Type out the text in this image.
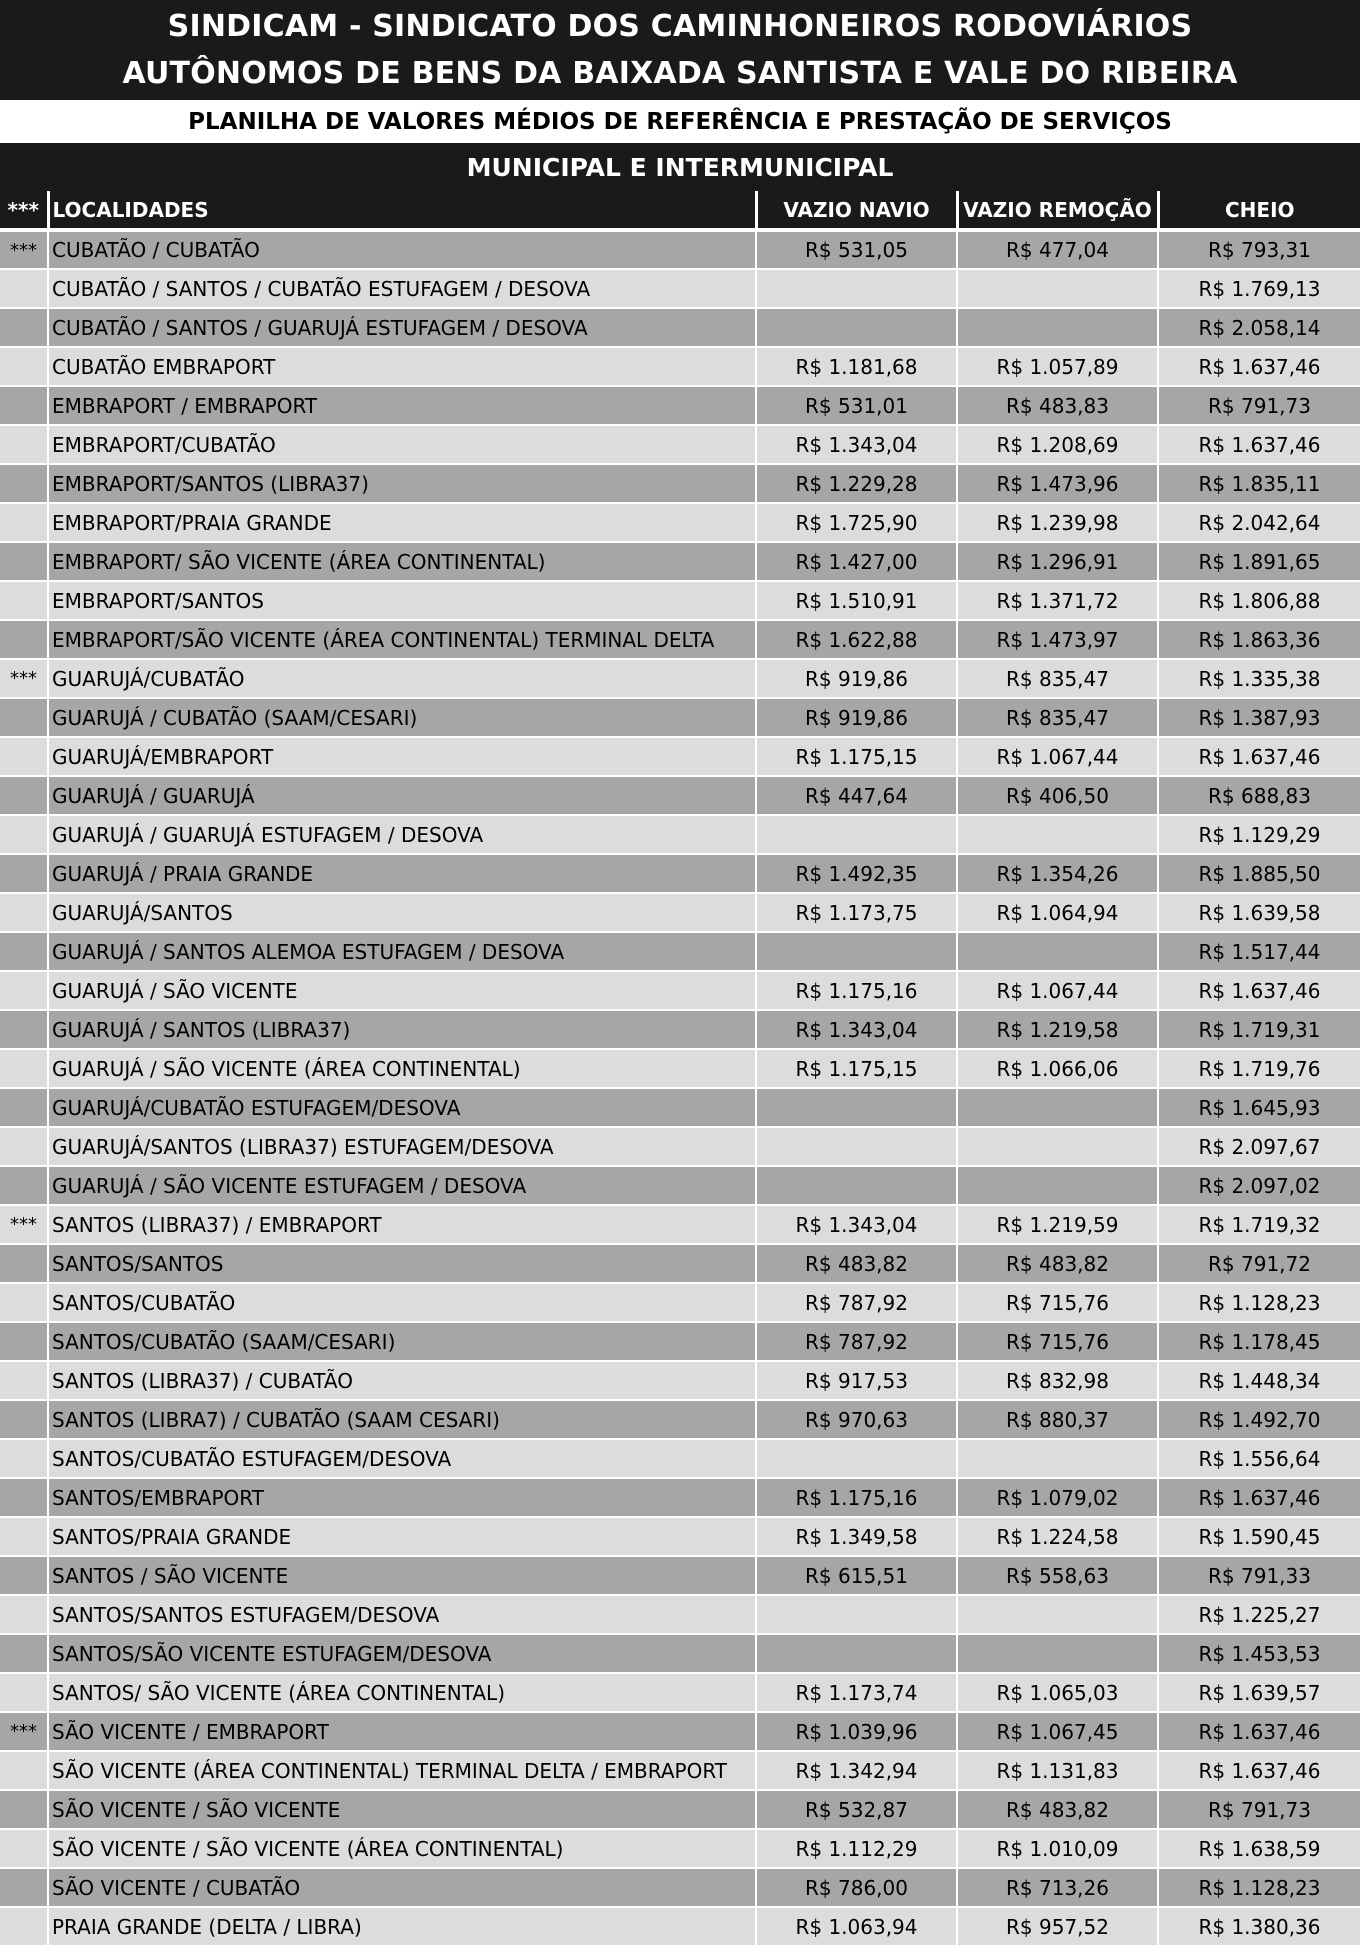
SINDICAM - SINDICATO DOS CAMINHONEIROS RODOVIÁRIOS
AUTÔNOMOS DE BENS DA BAIXADA SANTISTA E VALE DO RIBEIRA
PLANILHA DE VALORES MÉDIOS DE REFERÊNCIA E PRESTAÇÃO DE SERVIÇOS
MUNICIPAL E INTERMUNICIPAL
***	LOCALIDADES	VAZIO NAVIO	VAZIO REMOÇÃO	CHEIO
***	CUBATÃO / CUBATÃO	R$ 531,05	R$ 477,04	R$ 793,31
	CUBATÃO / SANTOS / CUBATÃO ESTUFAGEM / DESOVA			R$ 1.769,13
	CUBATÃO / SANTOS / GUARUJÁ ESTUFAGEM / DESOVA			R$ 2.058,14
	CUBATÃO EMBRAPORT	R$ 1.181,68	R$ 1.057,89	R$ 1.637,46
	EMBRAPORT / EMBRAPORT	R$ 531,01	R$ 483,83	R$ 791,73
	EMBRAPORT/CUBATÃO	R$ 1.343,04	R$ 1.208,69	R$ 1.637,46
	EMBRAPORT/SANTOS (LIBRA37)	R$ 1.229,28	R$ 1.473,96	R$ 1.835,11
	EMBRAPORT/PRAIA GRANDE	R$ 1.725,90	R$ 1.239,98	R$ 2.042,64
	EMBRAPORT/ SÃO VICENTE (ÁREA CONTINENTAL)	R$ 1.427,00	R$ 1.296,91	R$ 1.891,65
	EMBRAPORT/SANTOS	R$ 1.510,91	R$ 1.371,72	R$ 1.806,88
	EMBRAPORT/SÃO VICENTE (ÁREA CONTINENTAL) TERMINAL DELTA	R$ 1.622,88	R$ 1.473,97	R$ 1.863,36
***	GUARUJÁ/CUBATÃO	R$ 919,86	R$ 835,47	R$ 1.335,38
	GUARUJÁ / CUBATÃO (SAAM/CESARI)	R$ 919,86	R$ 835,47	R$ 1.387,93
	GUARUJÁ/EMBRAPORT	R$ 1.175,15	R$ 1.067,44	R$ 1.637,46
	GUARUJÁ / GUARUJÁ	R$ 447,64	R$ 406,50	R$ 688,83
	GUARUJÁ / GUARUJÁ ESTUFAGEM / DESOVA			R$ 1.129,29
	GUARUJÁ / PRAIA GRANDE	R$ 1.492,35	R$ 1.354,26	R$ 1.885,50
	GUARUJÁ/SANTOS	R$ 1.173,75	R$ 1.064,94	R$ 1.639,58
	GUARUJÁ / SANTOS ALEMOA ESTUFAGEM / DESOVA			R$ 1.517,44
	GUARUJÁ / SÃO VICENTE	R$ 1.175,16	R$ 1.067,44	R$ 1.637,46
	GUARUJÁ / SANTOS (LIBRA37)	R$ 1.343,04	R$ 1.219,58	R$ 1.719,31
	GUARUJÁ / SÃO VICENTE (ÁREA CONTINENTAL)	R$ 1.175,15	R$ 1.066,06	R$ 1.719,76
	GUARUJÁ/CUBATÃO ESTUFAGEM/DESOVA			R$ 1.645,93
	GUARUJÁ/SANTOS (LIBRA37) ESTUFAGEM/DESOVA			R$ 2.097,67
	GUARUJÁ / SÃO VICENTE ESTUFAGEM / DESOVA			R$ 2.097,02
***	SANTOS (LIBRA37) / EMBRAPORT	R$ 1.343,04	R$ 1.219,59	R$ 1.719,32
	SANTOS/SANTOS	R$ 483,82	R$ 483,82	R$ 791,72
	SANTOS/CUBATÃO	R$ 787,92	R$ 715,76	R$ 1.128,23
	SANTOS/CUBATÃO (SAAM/CESARI)	R$ 787,92	R$ 715,76	R$ 1.178,45
	SANTOS (LIBRA37) / CUBATÃO	R$ 917,53	R$ 832,98	R$ 1.448,34
	SANTOS (LIBRA7) / CUBATÃO (SAAM CESARI)	R$ 970,63	R$ 880,37	R$ 1.492,70
	SANTOS/CUBATÃO ESTUFAGEM/DESOVA			R$ 1.556,64
	SANTOS/EMBRAPORT	R$ 1.175,16	R$ 1.079,02	R$ 1.637,46
	SANTOS/PRAIA GRANDE	R$ 1.349,58	R$ 1.224,58	R$ 1.590,45
	SANTOS / SÃO VICENTE	R$ 615,51	R$ 558,63	R$ 791,33
	SANTOS/SANTOS ESTUFAGEM/DESOVA			R$ 1.225,27
	SANTOS/SÃO VICENTE ESTUFAGEM/DESOVA			R$ 1.453,53
	SANTOS/ SÃO VICENTE (ÁREA CONTINENTAL)	R$ 1.173,74	R$ 1.065,03	R$ 1.639,57
***	SÃO VICENTE / EMBRAPORT	R$ 1.039,96	R$ 1.067,45	R$ 1.637,46
	SÃO VICENTE (ÁREA CONTINENTAL) TERMINAL DELTA / EMBRAPORT	R$ 1.342,94	R$ 1.131,83	R$ 1.637,46
	SÃO VICENTE / SÃO VICENTE	R$ 532,87	R$ 483,82	R$ 791,73
	SÃO VICENTE / SÃO VICENTE (ÁREA CONTINENTAL)	R$ 1.112,29	R$ 1.010,09	R$ 1.638,59
	SÃO VICENTE / CUBATÃO	R$ 786,00	R$ 713,26	R$ 1.128,23
	PRAIA GRANDE (DELTA / LIBRA)	R$ 1.063,94	R$ 957,52	R$ 1.380,36
